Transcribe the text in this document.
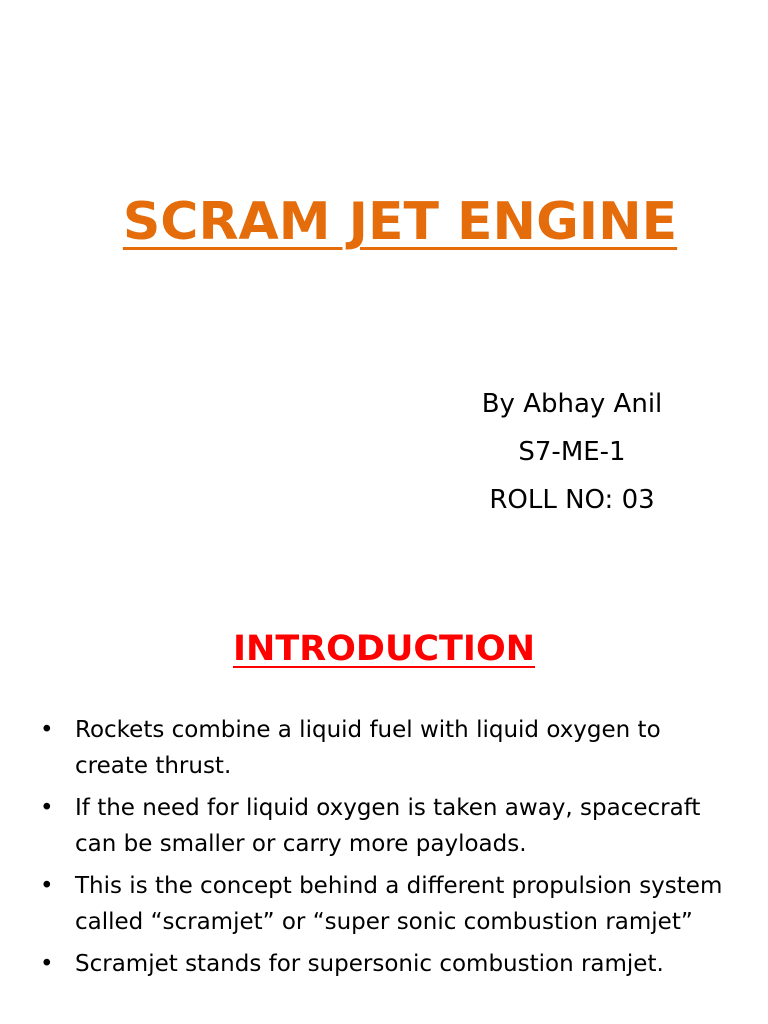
SCRAM JET ENGINE
By Abhay Anil
S7-ME-1
ROLL NO: 03
INTRODUCTION
• Rockets combine a liquid fuel with liquid oxygen to create thrust.
• If the need for liquid oxygen is taken away, spacecraft can be smaller or carry more payloads.
• This is the concept behind a different propulsion system called “scramjet” or “super sonic combustion ramjet”
• Scramjet stands for supersonic combustion ramjet.
